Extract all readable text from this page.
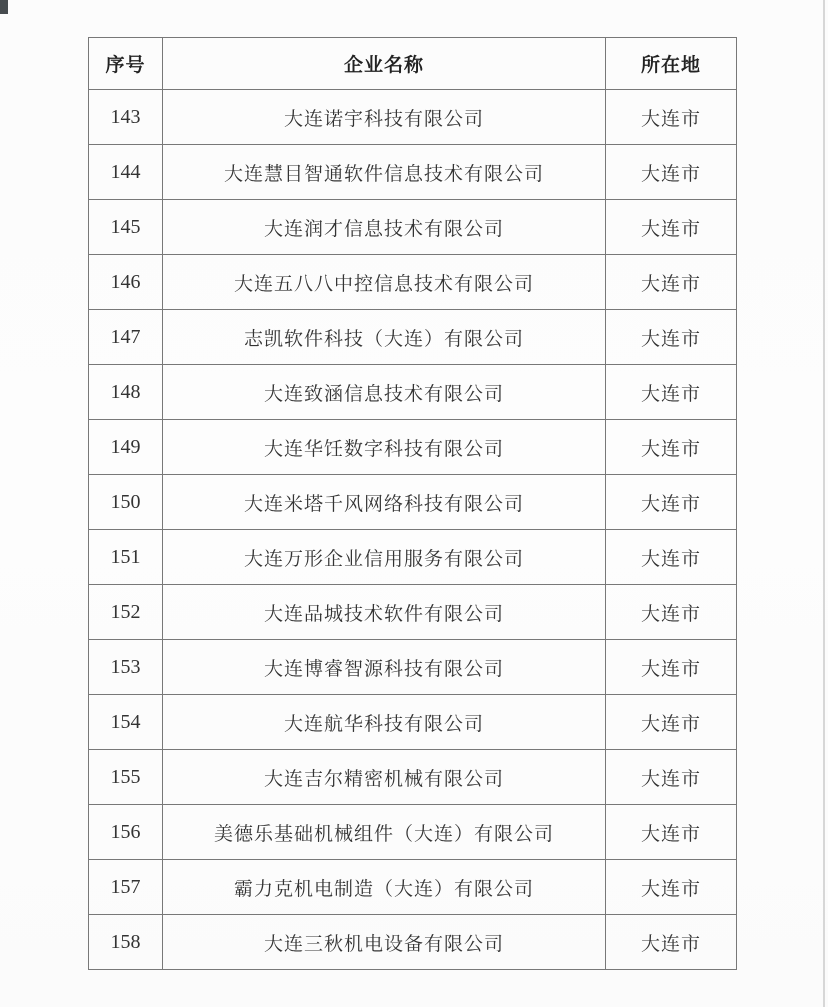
序号	企业名称	所在地
143	大连诺宇科技有限公司	大连市
144	大连慧目智通软件信息技术有限公司	大连市
145	大连润才信息技术有限公司	大连市
146	大连五八八中控信息技术有限公司	大连市
147	志凯软件科技（大连）有限公司	大连市
148	大连致涵信息技术有限公司	大连市
149	大连华饪数字科技有限公司	大连市
150	大连米塔千风网络科技有限公司	大连市
151	大连万形企业信用服务有限公司	大连市
152	大连品城技术软件有限公司	大连市
153	大连博睿智源科技有限公司	大连市
154	大连航华科技有限公司	大连市
155	大连吉尔精密机械有限公司	大连市
156	美德乐基础机械组件（大连）有限公司	大连市
157	霸力克机电制造（大连）有限公司	大连市
158	大连三秋机电设备有限公司	大连市
